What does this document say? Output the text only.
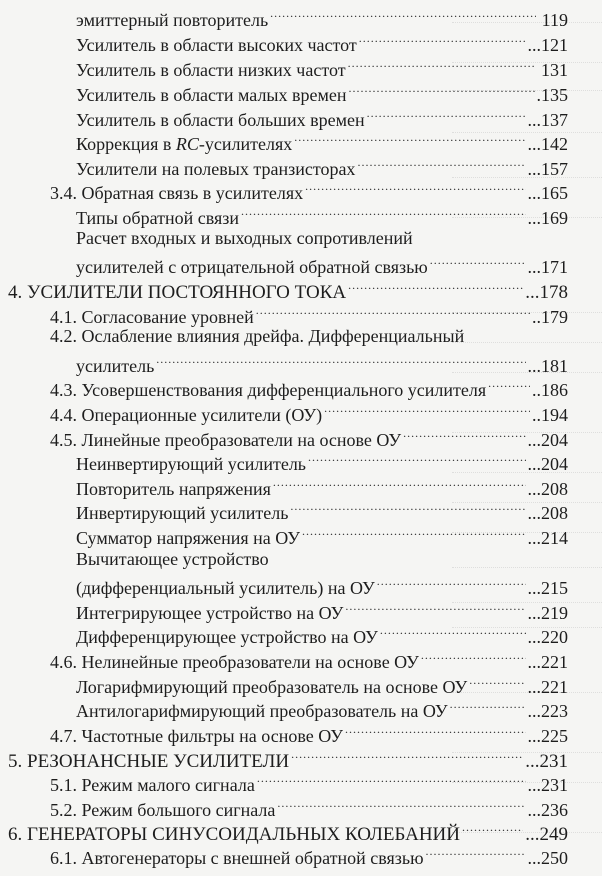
эмиттерный повторитель .....	119
Усилитель в области высоких частот .....	...121
Усилитель в области низких частот .....	131
Усилитель в области малых времен .....	.135
Усилитель в области больших времен .....	...137
Коррекция в RC-усилителях .....	...142
Усилители на полевых транзисторах .....	...157
3.4. Обратная связь в усилителях .....	...165
Типы обратной связи .....	...169
Расчет входных и выходных сопротивлений
усилителей с отрицательной обратной связью .....	...171
4. УСИЛИТЕЛИ ПОСТОЯННОГО ТОКА .....	...178
4.1. Согласование уровней .....	..179
4.2. Ослабление влияния дрейфа. Дифференциальный
усилитель .....	...181
4.3. Усовершенствования дифференциального усилителя .....	..186
4.4. Операционные усилители (ОУ) .....	..194
4.5. Линейные преобразователи на основе ОУ .....	...204
Неинвертирующий усилитель .....	...204
Повторитель напряжения .....	...208
Инвертирующий усилитель .....	...208
Сумматор напряжения на ОУ .....	...214
Вычитающее устройство
(дифференциальный усилитель) на ОУ .....	...215
Интегрирующее устройство на ОУ .....	...219
Дифференцирующее устройство на ОУ .....	...220
4.6. Нелинейные преобразователи на основе ОУ .....	...221
Логарифмирующий преобразователь на основе ОУ .....	...221
Антилогарифмирующий преобразователь на ОУ .....	...223
4.7. Частотные фильтры на основе ОУ .....	...225
5. РЕЗОНАНСНЫЕ УСИЛИТЕЛИ .....	...231
5.1. Режим малого сигнала .....	...231
5.2. Режим большого сигнала .....	...236
6. ГЕНЕРАТОРЫ СИНУСОИДАЛЬНЫХ КОЛЕБАНИЙ .....	...249
6.1. Автогенераторы с внешней обратной связью .....	...250
